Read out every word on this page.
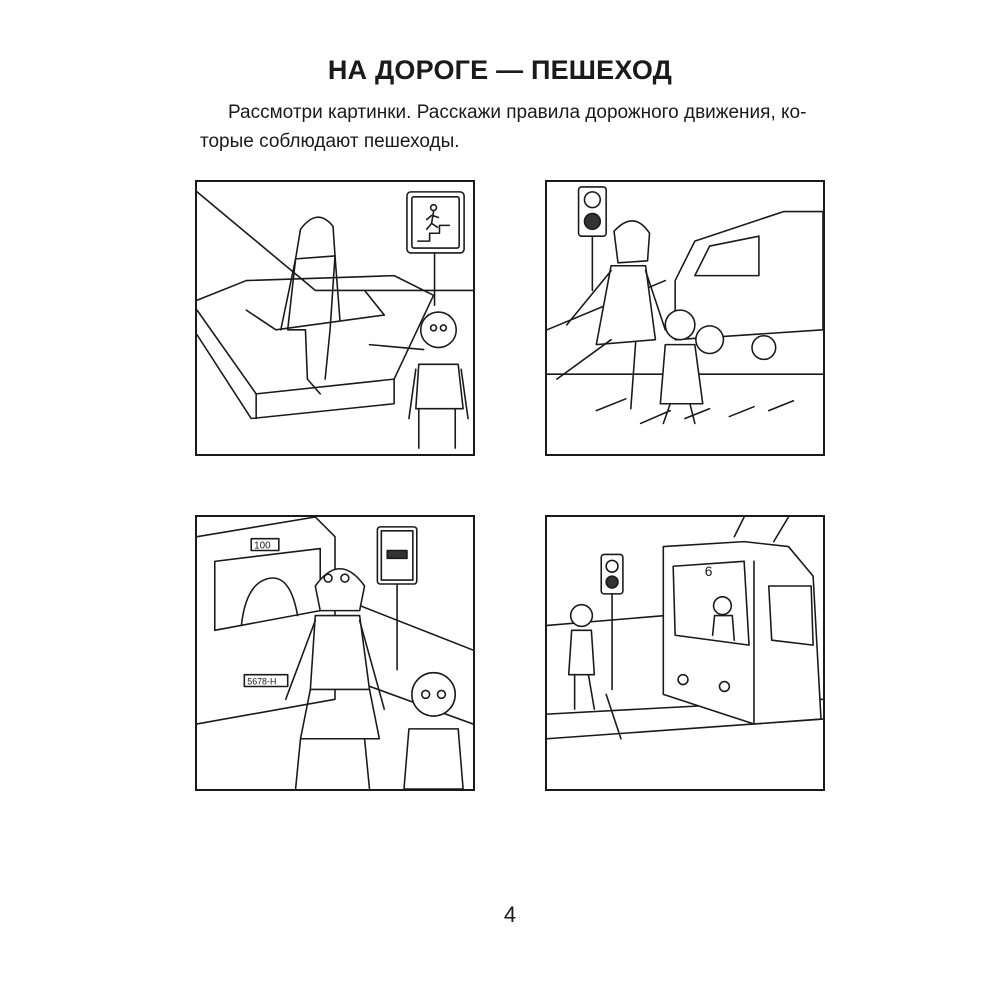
НА ДОРОГЕ — ПЕШЕХОД
Рассмотри картинки. Расскажи правила дорожного движения, ко-
торые соблюдают пешеходы.
100
5678-Н
6
4
